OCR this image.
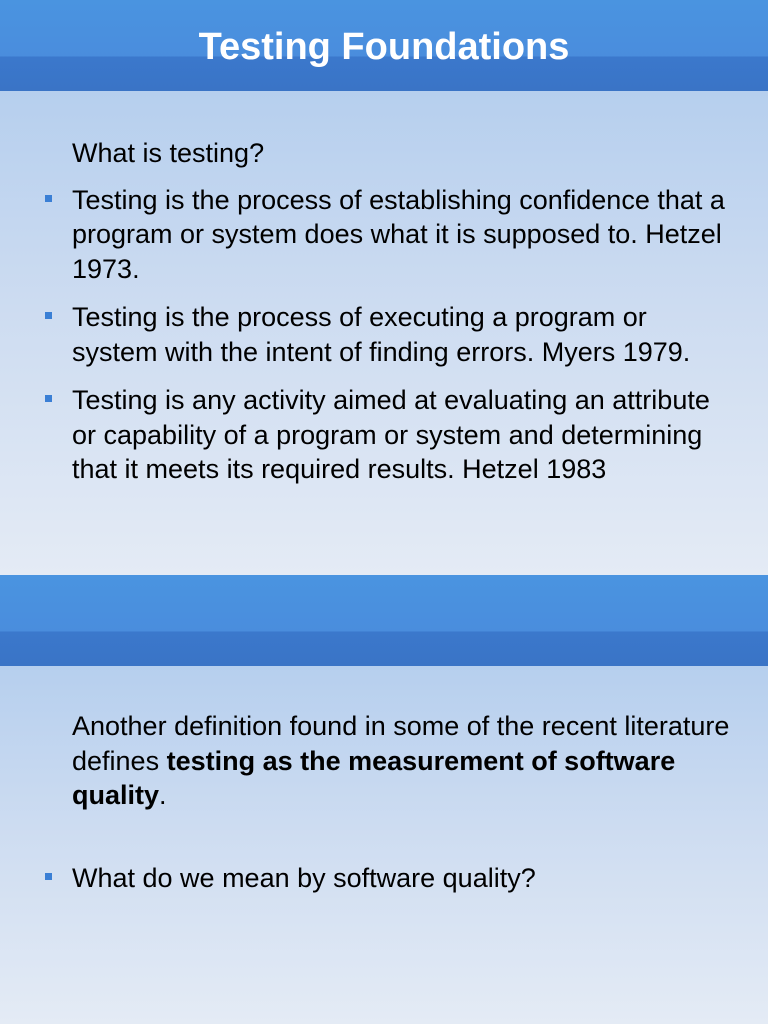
Testing Foundations

What is testing?

Testing is the process of establishing confidence that a program or system does what it is supposed to. Hetzel 1973.
Testing is the process of executing a program or system with the intent of finding errors. Myers 1979.
Testing is any activity aimed at evaluating an attribute or capability of a program or system and determining that it meets its required results. Hetzel 1983

Another definition found in some of the recent literature defines testing as the measurement of software quality.

What do we mean by software quality?
